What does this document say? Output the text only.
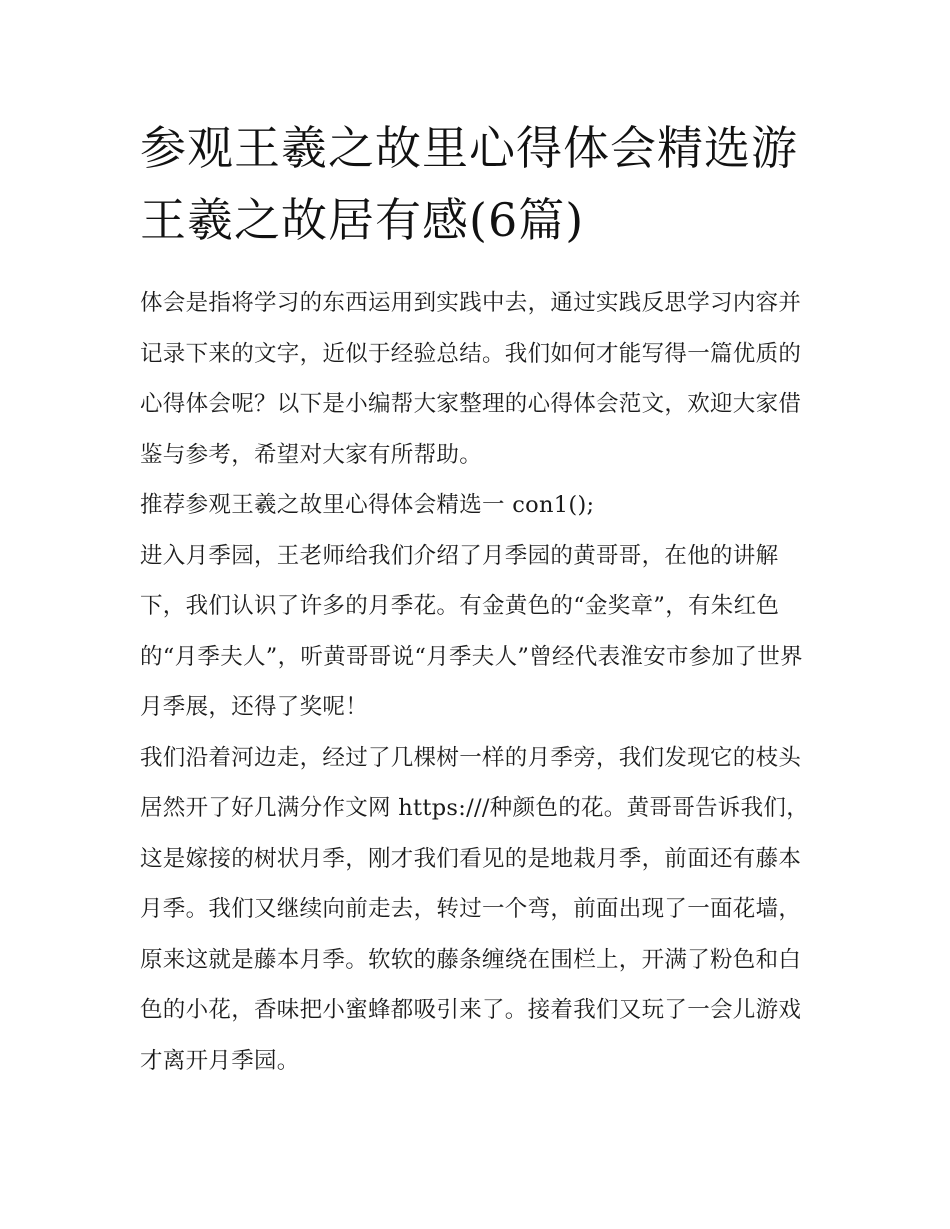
参观王羲之故里心得体会精选游王羲之故居有感(6篇)

体会是指将学习的东西运用到实践中去，通过实践反思学习内容并记录下来的文字，近似于经验总结。我们如何才能写得一篇优质的心得体会呢？以下是小编帮大家整理的心得体会范文，欢迎大家借鉴与参考，希望对大家有所帮助。

推荐参观王羲之故里心得体会精选一 con1();

进入月季园，王老师给我们介绍了月季园的黄哥哥，在他的讲解下，我们认识了许多的月季花。有金黄色的“金奖章”，有朱红色的“月季夫人”，听黄哥哥说“月季夫人”曾经代表淮安市参加了世界月季展，还得了奖呢！

我们沿着河边走，经过了几棵树一样的月季旁，我们发现它的枝头居然开了好几满分作文网 https:///种颜色的花。黄哥哥告诉我们，这是嫁接的树状月季，刚才我们看见的是地栽月季，前面还有藤本月季。我们又继续向前走去，转过一个弯，前面出现了一面花墙，原来这就是藤本月季。软软的藤条缠绕在围栏上，开满了粉色和白色的小花，香味把小蜜蜂都吸引来了。接着我们又玩了一会儿游戏才离开月季园。
